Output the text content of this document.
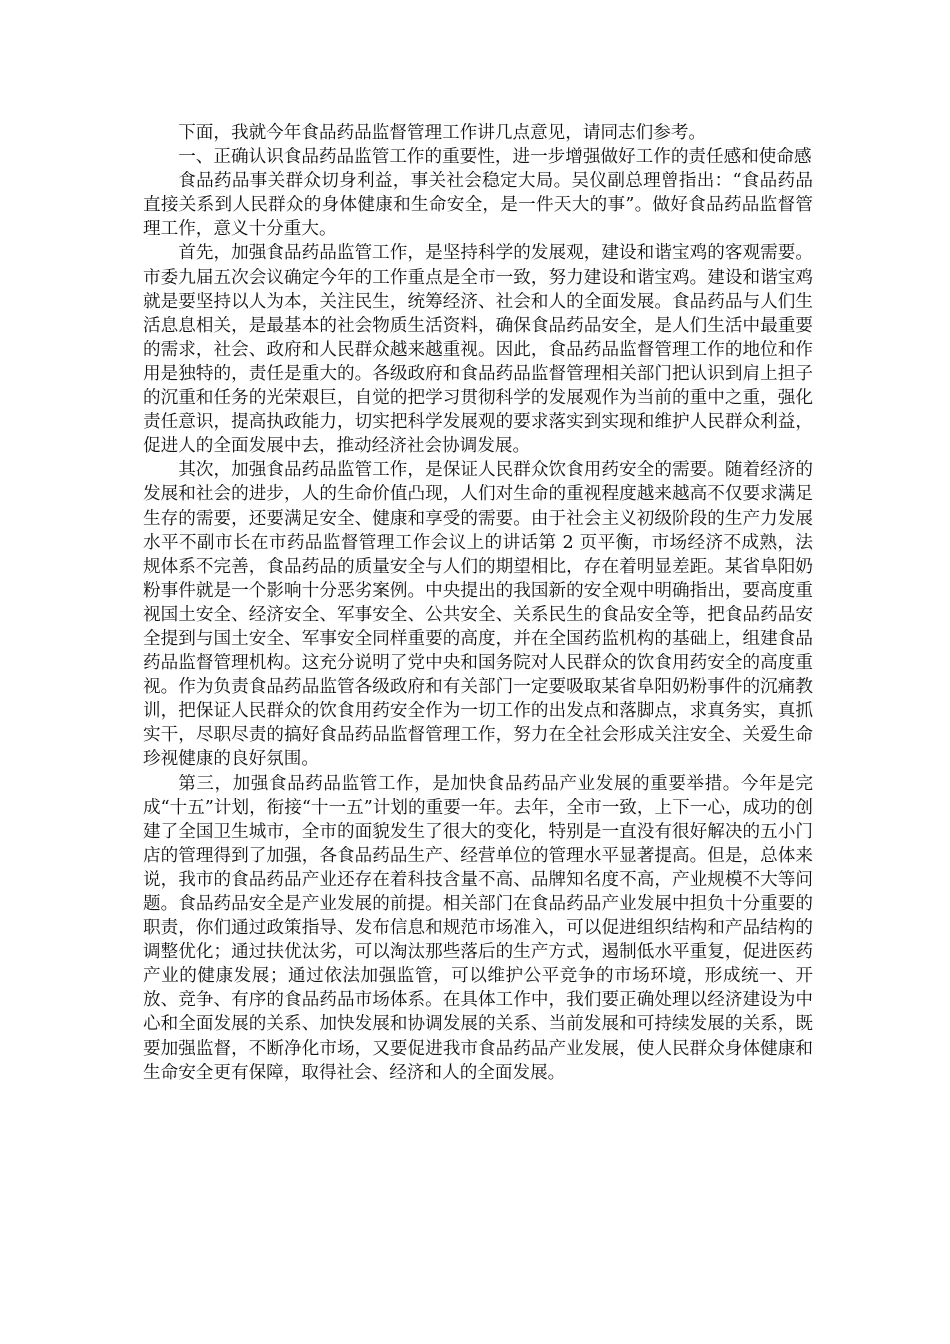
下面，我就今年食品药品监督管理工作讲几点意见，请同志们参考。

一、正确认识食品药品监管工作的重要性，进一步增强做好工作的责任感和使命感

食品药品事关群众切身利益，事关社会稳定大局。吴仪副总理曾指出：“食品药品直接关系到人民群众的身体健康和生命安全，是一件天大的事”。做好食品药品监督管理工作，意义十分重大。

首先，加强食品药品监管工作，是坚持科学的发展观，建设和谐宝鸡的客观需要。市委九届五次会议确定今年的工作重点是全市一致，努力建设和谐宝鸡。建设和谐宝鸡就是要坚持以人为本，关注民生，统筹经济、社会和人的全面发展。食品药品与人们生活息息相关，是最基本的社会物质生活资料，确保食品药品安全，是人们生活中最重要的需求，社会、政府和人民群众越来越重视。因此，食品药品监督管理工作的地位和作用是独特的，责任是重大的。各级政府和食品药品监督管理相关部门把认识到肩上担子的沉重和任务的光荣艰巨，自觉的把学习贯彻科学的发展观作为当前的重中之重，强化责任意识，提高执政能力，切实把科学发展观的要求落实到实现和维护人民群众利益，促进人的全面发展中去，推动经济社会协调发展。

其次，加强食品药品监管工作，是保证人民群众饮食用药安全的需要。随着经济的发展和社会的进步，人的生命价值凸现，人们对生命的重视程度越来越高不仅要求满足生存的需要，还要满足安全、健康和享受的需要。由于社会主义初级阶段的生产力发展水平不副市长在市药品监督管理工作会议上的讲话第 2 页平衡，市场经济不成熟，法规体系不完善，食品药品的质量安全与人们的期望相比，存在着明显差距。某省阜阳奶粉事件就是一个影响十分恶劣案例。中央提出的我国新的安全观中明确指出，要高度重视国土安全、经济安全、军事安全、公共安全、关系民生的食品安全等，把食品药品安全提到与国土安全、军事安全同样重要的高度，并在全国药监机构的基础上，组建食品药品监督管理机构。这充分说明了党中央和国务院对人民群众的饮食用药安全的高度重视。作为负责食品药品监管各级政府和有关部门一定要吸取某省阜阳奶粉事件的沉痛教训，把保证人民群众的饮食用药安全作为一切工作的出发点和落脚点，求真务实，真抓实干，尽职尽责的搞好食品药品监督管理工作，努力在全社会形成关注安全、关爱生命珍视健康的良好氛围。

第三，加强食品药品监管工作，是加快食品药品产业发展的重要举措。今年是完成“十五”计划，衔接“十一五”计划的重要一年。去年，全市一致，上下一心，成功的创建了全国卫生城市，全市的面貌发生了很大的变化，特别是一直没有很好解决的五小门店的管理得到了加强，各食品药品生产、经营单位的管理水平显著提高。但是，总体来说，我市的食品药品产业还存在着科技含量不高、品牌知名度不高，产业规模不大等问题。食品药品安全是产业发展的前提。相关部门在食品药品产业发展中担负十分重要的职责，你们通过政策指导、发布信息和规范市场准入，可以促进组织结构和产品结构的调整优化；通过扶优汰劣，可以淘汰那些落后的生产方式，遏制低水平重复，促进医药产业的健康发展；通过依法加强监管，可以维护公平竞争的市场环境，形成统一、开放、竞争、有序的食品药品市场体系。在具体工作中，我们要正确处理以经济建设为中心和全面发展的关系、加快发展和协调发展的关系、当前发展和可持续发展的关系，既要加强监督，不断净化市场，又要促进我市食品药品产业发展，使人民群众身体健康和生命安全更有保障，取得社会、经济和人的全面发展。
